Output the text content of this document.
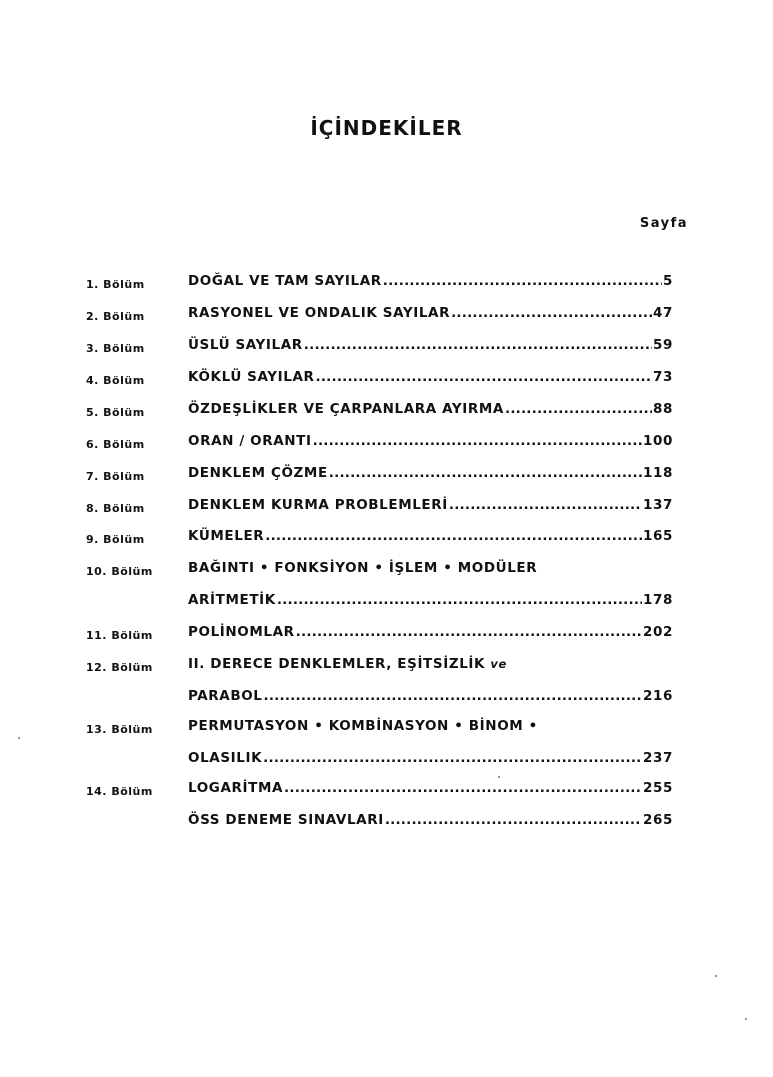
İÇİNDEKİLER
Sayfa
1. Bölüm	DOĞAL VE TAM SAYILAR .....	5
2. Bölüm	RASYONEL VE ONDALIK SAYILAR .....	47
3. Bölüm	ÜSLÜ SAYILAR .....	59
4. Bölüm	KÖKLÜ SAYILAR .....	73
5. Bölüm	ÖZDEŞLİKLER VE ÇARPANLARA AYIRMA .....	88
6. Bölüm	ORAN / ORANTI .....	100
7. Bölüm	DENKLEM ÇÖZME .....	118
8. Bölüm	DENKLEM KURMA PROBLEMLERİ .....	137
9. Bölüm	KÜMELER .....	165
10. Bölüm	BAĞINTI • FONKSİYON • İŞLEM • MODÜLER
ARİTMETİK .....	178
11. Bölüm	POLİNOMLAR .....	202
12. Bölüm	II. DERECE DENKLEMLER, EŞİTSİZLİK ve
PARABOL .....	216
13. Bölüm	PERMUTASYON • KOMBİNASYON • BİNOM •
OLASILIK .....	237
14. Bölüm	LOGARİTMA .....	255
ÖSS DENEME SINAVLARI .....	265
